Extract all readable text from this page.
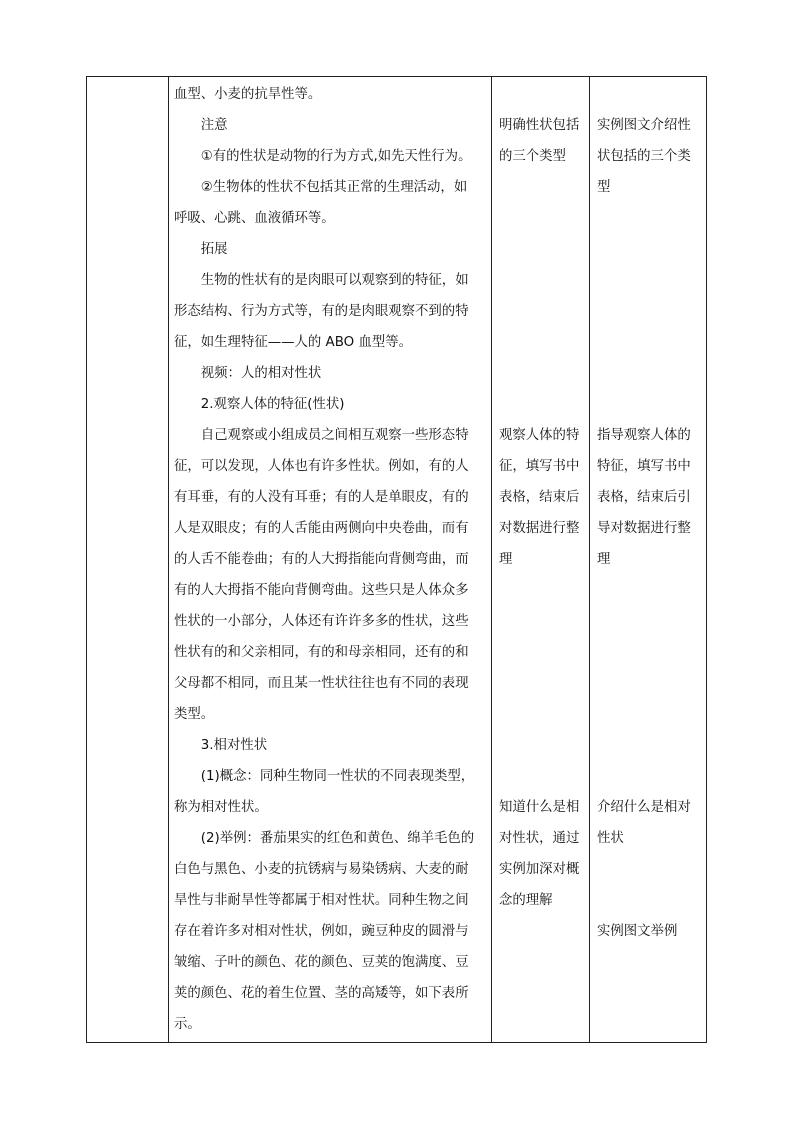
血型、小麦的抗旱性等。
　　注意
　　①有的性状是动物的行为方式,如先天性行为。
　　②生物体的性状不包括其正常的生理活动，如
呼吸、心跳、血液循环等。
　　拓展
　　生物的性状有的是肉眼可以观察到的特征，如
形态结构、行为方式等，有的是肉眼观察不到的特
征，如生理特征——人的 ABO 血型等。
　　视频：人的相对性状
　　2.观察人体的特征(性状)
　　自己观察或小组成员之间相互观察一些形态特
征，可以发现，人体也有许多性状。例如，有的人
有耳垂，有的人没有耳垂；有的人是单眼皮，有的
人是双眼皮；有的人舌能由两侧向中央卷曲，而有
的人舌不能卷曲；有的人大拇指能向背侧弯曲，而
有的人大拇指不能向背侧弯曲。这些只是人体众多
性状的一小部分，人体还有许许多多的性状，这些
性状有的和父亲相同，有的和母亲相同，还有的和
父母都不相同，而且某一性状往往也有不同的表现
类型。
　　3.相对性状
　　(1)概念：同种生物同一性状的不同表现类型，
称为相对性状。
　　(2)举例：番茄果实的红色和黄色、绵羊毛色的
白色与黑色、小麦的抗锈病与易染锈病、大麦的耐
旱性与非耐旱性等都属于相对性状。同种生物之间
存在着许多对相对性状，例如，豌豆种皮的圆滑与
皱缩、子叶的颜色、花的颜色、豆荚的饱满度、豆
荚的颜色、花的着生位置、茎的高矮等，如下表所
示。
明确性状包括
的三个类型
观察人体的特
征，填写书中
表格，结束后
对数据进行整
理
知道什么是相
对性状，通过
实例加深对概
念的理解
实例图文介绍性
状包括的三个类
型
指导观察人体的
特征，填写书中
表格，结束后引
导对数据进行整
理
介绍什么是相对
性状
实例图文举例
